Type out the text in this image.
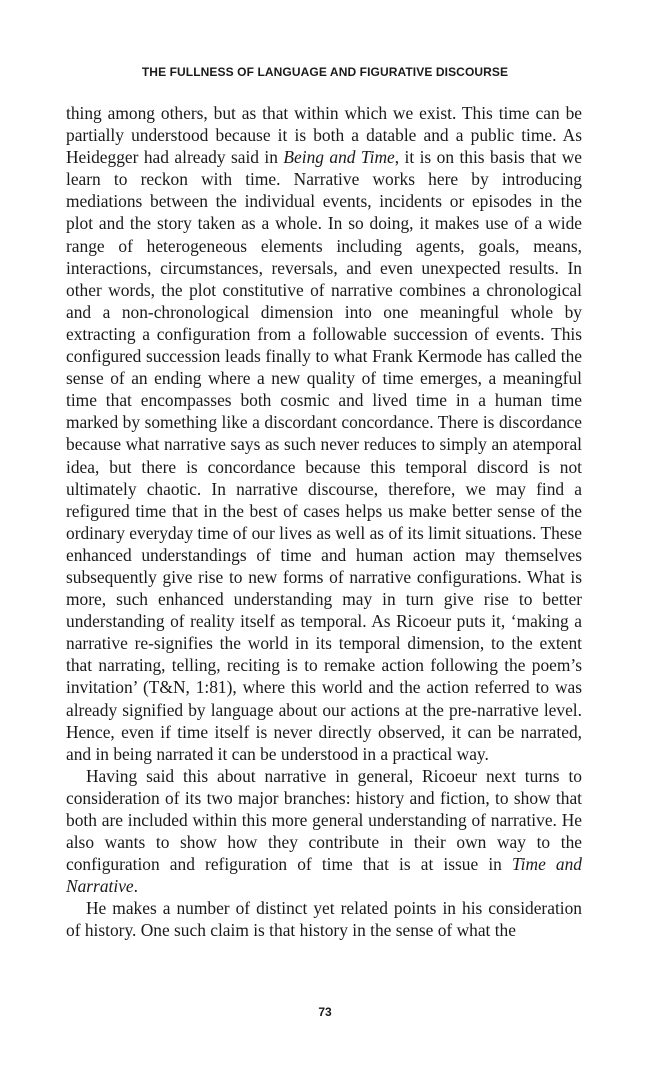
THE FULLNESS OF LANGUAGE AND FIGURATIVE DISCOURSE

thing among others, but as that within which we exist. This time can be partially understood because it is both a datable and a public time. As Heidegger had already said in Being and Time, it is on this basis that we learn to reckon with time. Narrative works here by introducing mediations between the individual events, incidents or episodes in the plot and the story taken as a whole. In so doing, it makes use of a wide range of heterogeneous elements including agents, goals, means, interactions, circumstances, reversals, and even unexpected results. In other words, the plot constitutive of narrative combines a chronological and a non-chronological dimension into one meaningful whole by extracting a configuration from a followable succession of events. This configured succession leads finally to what Frank Kermode has called the sense of an ending where a new quality of time emerges, a meaningful time that encompasses both cosmic and lived time in a human time marked by something like a discordant concordance. There is discordance because what narrative says as such never reduces to simply an atemporal idea, but there is concordance because this temporal discord is not ultimately chaotic. In narrative discourse, therefore, we may find a refigured time that in the best of cases helps us make better sense of the ordinary everyday time of our lives as well as of its limit situations. These enhanced understandings of time and human action may themselves subsequently give rise to new forms of narrative configurations. What is more, such enhanced understanding may in turn give rise to better understanding of reality itself as temporal. As Ricoeur puts it, ‘making a narrative re-signifies the world in its temporal dimension, to the extent that narrating, telling, reciting is to remake action following the poem’s invitation’ (T&N, 1:81), where this world and the action referred to was already signified by language about our actions at the pre-narrative level. Hence, even if time itself is never directly observed, it can be narrated, and in being narrated it can be understood in a practical way.

Having said this about narrative in general, Ricoeur next turns to consideration of its two major branches: history and fiction, to show that both are included within this more general understanding of narrative. He also wants to show how they contribute in their own way to the configuration and refiguration of time that is at issue in Time and Narrative.

He makes a number of distinct yet related points in his consideration of history. One such claim is that history in the sense of what the

73
